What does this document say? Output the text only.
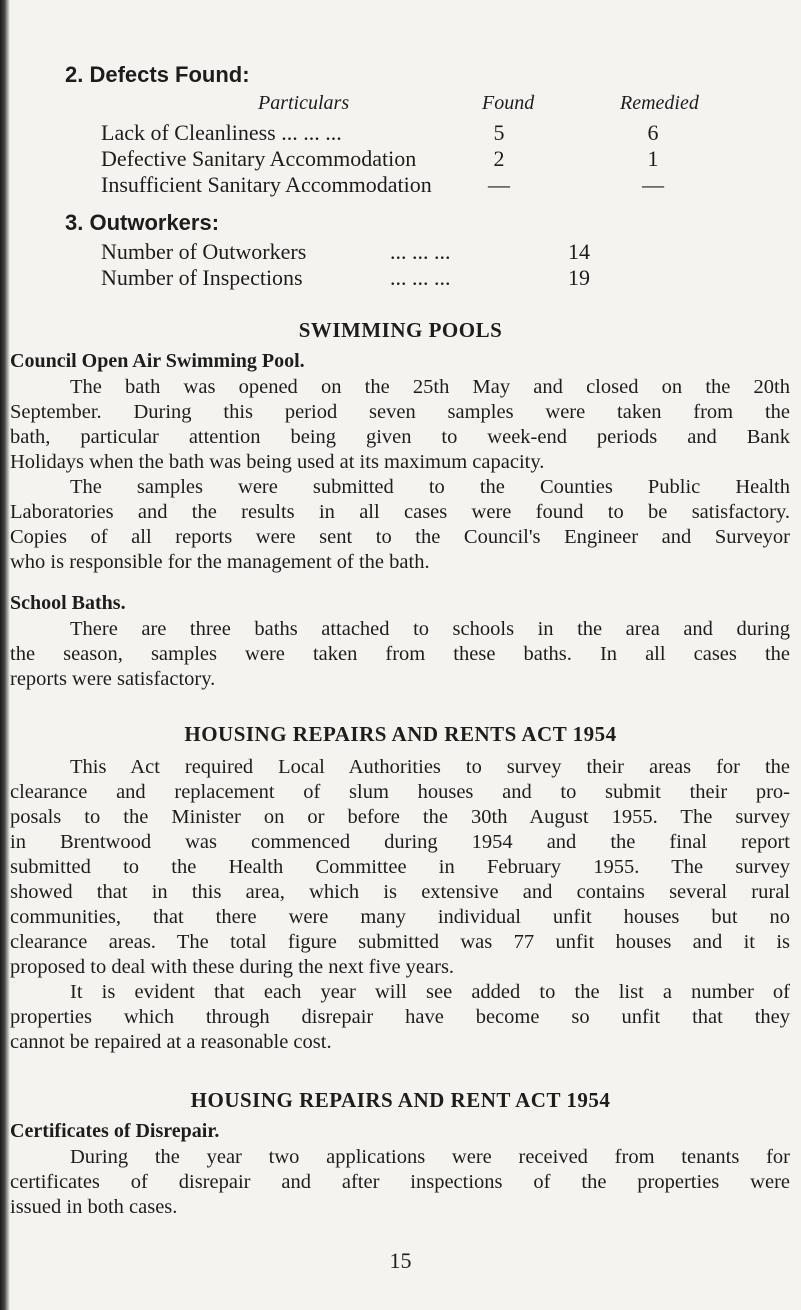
2. Defects Found:
Particulars	Found	Remedied
Lack of Cleanliness ... ... ...	5	6
Defective Sanitary Accommodation	2	1
Insufficient Sanitary Accommodation	—	—
3. Outworkers:
Number of Outworkers	... ... ...	14
Number of Inspections	... ... ...	19
SWIMMING POOLS
Council Open Air Swimming Pool.
The bath was opened on the 25th May and closed on the 20th
September. During this period seven samples were taken from the
bath, particular attention being given to week-end periods and Bank
Holidays when the bath was being used at its maximum capacity.
The samples were submitted to the Counties Public Health
Laboratories and the results in all cases were found to be satisfactory.
Copies of all reports were sent to the Council's Engineer and Surveyor
who is responsible for the management of the bath.
School Baths.
There are three baths attached to schools in the area and during
the season, samples were taken from these baths. In all cases the
reports were satisfactory.
HOUSING REPAIRS AND RENTS ACT 1954
This Act required Local Authorities to survey their areas for the
clearance and replacement of slum houses and to submit their pro-
posals to the Minister on or before the 30th August 1955. The survey
in Brentwood was commenced during 1954 and the final report
submitted to the Health Committee in February 1955. The survey
showed that in this area, which is extensive and contains several rural
communities, that there were many individual unfit houses but no
clearance areas. The total figure submitted was 77 unfit houses and it is
proposed to deal with these during the next five years.
It is evident that each year will see added to the list a number of
properties which through disrepair have become so unfit that they
cannot be repaired at a reasonable cost.
HOUSING REPAIRS AND RENT ACT 1954
Certificates of Disrepair.
During the year two applications were received from tenants for
certificates of disrepair and after inspections of the properties were
issued in both cases.
15
